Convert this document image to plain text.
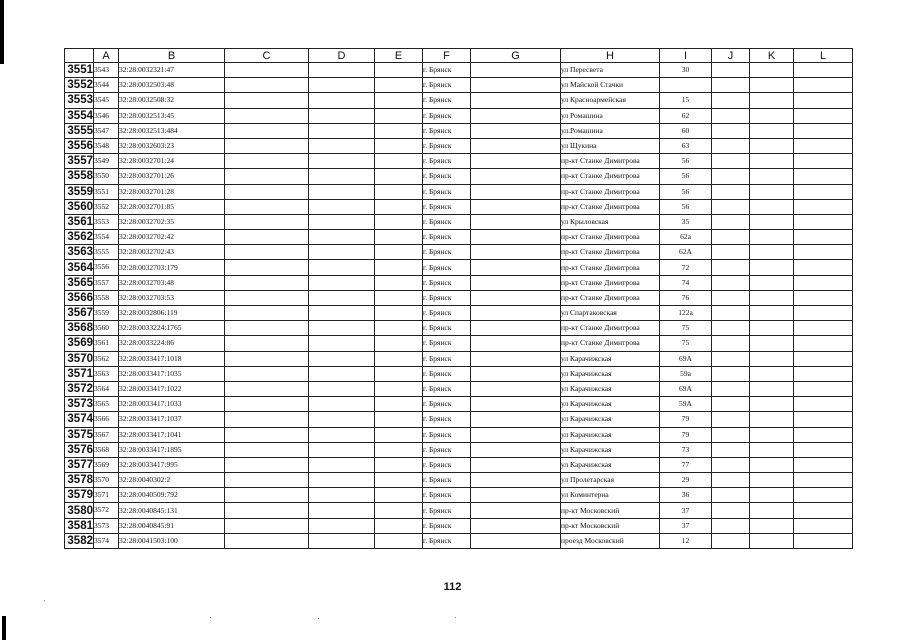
	A	B	C	D	E	F	G	H	I	J	K	L
3551	3543	32:28:0032321:47				г. Брянск		ул Пересвета	30			
3552	3544	32:28:0032503:48				г. Брянск		ул Майской Стачки				
3553	3545	32:28:0032508:32				г. Брянск		ул Красноармейская	15			
3554	3546	32:28:0032513:45				г. Брянск		ул Ромашина	62			
3555	3547	32:28:0032513:484				г. Брянск		ул.Ромашина	60			
3556	3548	32:28:0032603:23				г. Брянск		ул Щукина	63			
3557	3549	32:28:0032701:24				г. Брянск		пр-кт Станке Димитрова	56			
3558	3550	32:28:0032701:26				г. Брянск		пр-кт Станке Димитрова	56			
3559	3551	32:28:0032701:28				г. Брянск		пр-кт Станке Димитрова	56			
3560	3552	32:28:0032701:85				г. Брянск		пр-кт Станке Димитрова	56			
3561	3553	32:28:0032702:35				г. Брянск		ул Крыловская	35			
3562	3554	32:28:0032702:42				г. Брянск		пр-кт Станке Димитрова	62а			
3563	3555	32:28:0032702:43				г. Брянск		пр-кт Станке Димитрова	62А			
3564	3556	32:28:0032703:179				г. Брянск		пр-кт Станке Димитрова	72			
3565	3557	32:28:0032703:48				г. Брянск		пр-кт Станке Димитрова	74			
3566	3558	32:28:0032703:53				г. Брянск		пр-кт Станке Димитрова	76			
3567	3559	32:28:0032806:119				г. Брянск		ул Спартаковская	122а			
3568	3560	32:28:0033224:1765				г. Брянск		пр-кт Станке Димитрова	75			
3569	3561	32:28:0033224:86				г. Брянск		пр-кт Станке Димитрова	75			
3570	3562	32:28:0033417:1018				г. Брянск		ул Карачижская	69А			
3571	3563	32:28:0033417:1035				г. Брянск		ул Карачижская	59а			
3572	3564	32:28:0033417:1022				г. Брянск		ул Карачижская	69А			
3573	3565	32:28:0033417:1033				г. Брянск		ул Карачижская	59А			
3574	3566	32:28:0033417:1037				г. Брянск		ул Карачижская	79			
3575	3567	32:28:0033417:1041				г. Брянск		ул Карачижская	79			
3576	3568	32:28:0033417:1895				г. Брянск		ул Карачижская	73			
3577	3569	32:28:0033417:995				г. Брянск		ул Карачижская	77			
3578	3570	32:28:0040302:2				г. Брянск		ул Пролетарская	29			
3579	3571	32:28:0040509:792				г. Брянск		ул Коминтерна	36			
3580	3572	32:28:0040845:131				г. Брянск		пр-кт Московский	37			
3581	3573	32:28:0040845:91				г. Брянск		пр-кт Московский	37			
3582	3574	32:28:0041503:100				г. Брянск		проезд Московский	12			
112
